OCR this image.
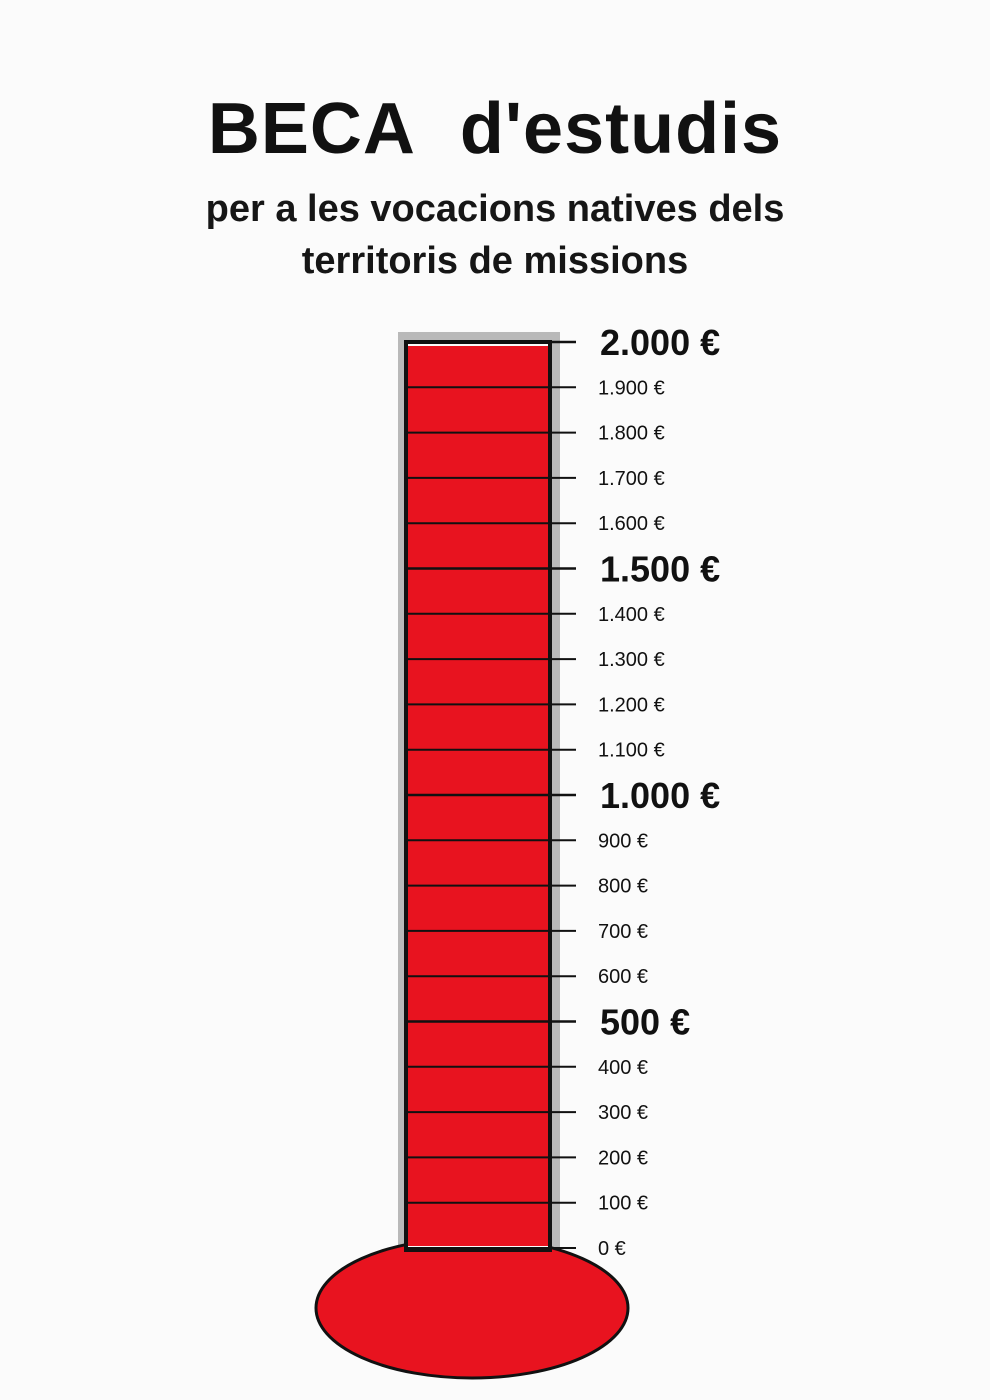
BECA d'estudis
per a les vocacions natives dels
territoris de missions
0 €
100 €
200 €
300 €
400 €
500 €
600 €
700 €
800 €
900 €
1.000 €
1.100 €
1.200 €
1.300 €
1.400 €
1.500 €
1.600 €
1.700 €
1.800 €
1.900 €
2.000 €
